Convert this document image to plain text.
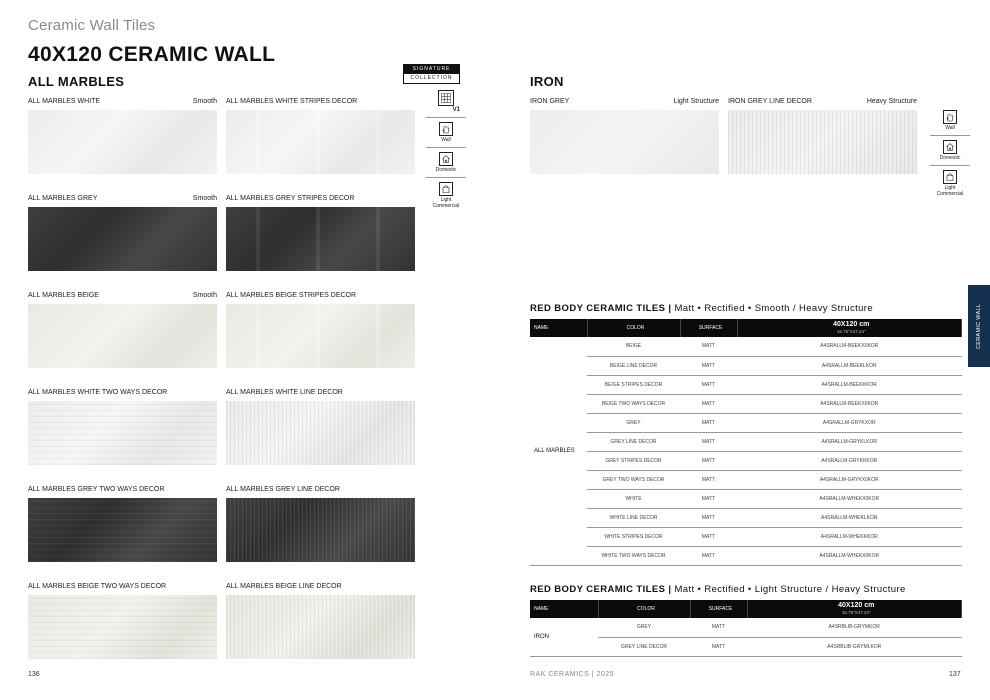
Ceramic Wall Tiles
40X120 CERAMIC WALL
ALL MARBLES
SIGNATURE
COLLECTION
ALL MARBLES WHITE	Smooth ALL MARBLES WHITE STRIPES DECOR
ALL MARBLES GREY	Smooth ALL MARBLES GREY STRIPES DECOR
ALL MARBLES BEIGE	Smooth ALL MARBLES BEIGE STRIPES DECOR
ALL MARBLES WHITE TWO WAYS DECOR	ALL MARBLES WHITE LINE DECOR
ALL MARBLES GREY TWO WAYS DECOR	ALL MARBLES GREY LINE DECOR
ALL MARBLES BEIGE TWO WAYS DECOR	ALL MARBLES BEIGE LINE DECOR
V1
Wall
Domestic
Light
Commercial
136
IRON
IRON GREY	Light Structure IRON GREY LINE DECOR	Heavy Structure
Wall
Domestic
Light
Commercial
RED BODY CERAMIC TILES | Matt • Rectified • Smooth / Heavy Structure
NAME	COLOR	SURFACE	40X120 cm
15.75"X47.24"

ALL MARBLES	BEIGE	MATT	A4SRALLM-BEEKX0KOR
	BEIGE LINE DECOR	MATT	A4SRALLM-BEEKLKOR
	BEIGE STRIPES DECOR	MATT	A4SRALLM-BEEKKKOR
	BEIGE TWO WAYS DECOR	MATT	A4SRALLM-BEEKX0KOR
	GREY	MATT	A4SRALLM-GRYKXOR
	GREY LINE DECOR	MATT	A4SRALLM-GRYKLKOR
	GREY STRIPES DECOR	MATT	A4SRALLM-GRYKKKOR
	GREY TWO WAYS DECOR	MATT	A4SRALLM-GRYKX0KOR
	WHITE	MATT	A4SRALLM-WHEKX0KOR
	WHITE LINE DECOR	MATT	A4SRALLM-WHEKLKOR
	WHITE STRIPES DECOR	MATT	A4SRALLM-WHEKKKOR
	WHITE TWO WAYS DECOR	MATT	A4SRALLM-WHEKX0KOR
RED BODY CERAMIC TILES | Matt • Rectified • Light Structure / Heavy Structure
NAME	COLOR	SURFACE	40X120 cm
15.75"X47.24"

IRON	GREY	MATT	A4SRBLIB-GRYMKOR
	GREY LINE DECOR	MATT	A4SRBLIB-GRYMLKOR
CERAMIC WALL
RAK CERAMICS | 2025	137
